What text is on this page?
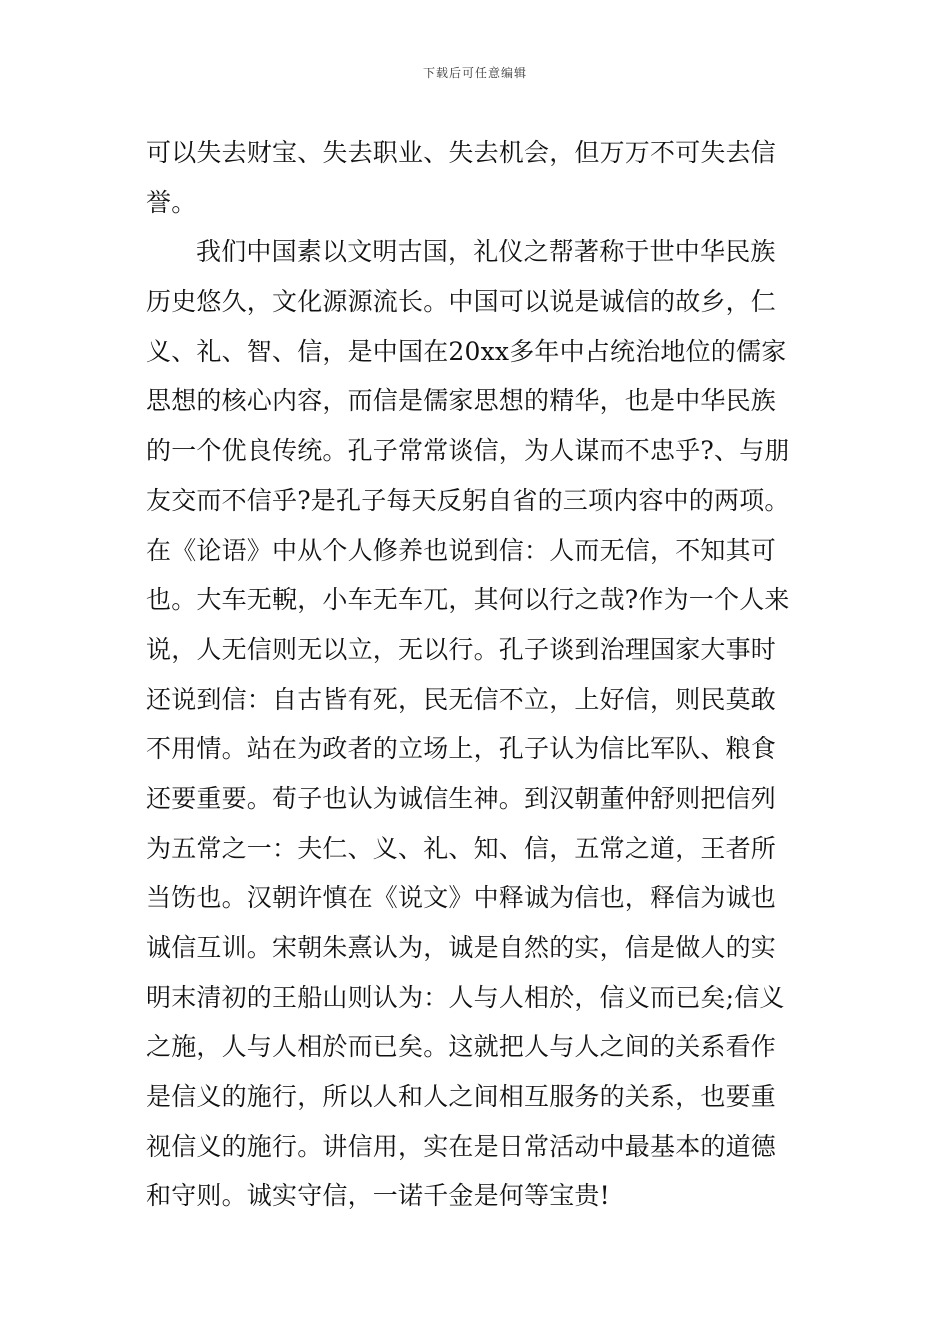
下载后可任意编辑
可以失去财宝、失去职业、失去机会，但万万不可失去信
誉。
我们中国素以文明古国，礼仪之帮著称于世中华民族
历史悠久，文化源源流长。中国可以说是诚信的故乡，仁
义、礼、智、信，是中国在20xx多年中占统治地位的儒家
思想的核心内容，而信是儒家思想的精华，也是中华民族
的一个优良传统。孔子常常谈信，为人谋而不忠乎?、与朋
友交而不信乎?是孔子每天反躬自省的三项内容中的两项。
在《论语》中从个人修养也说到信：人而无信，不知其可
也。大车无輗，小车无车兀，其何以行之哉?作为一个人来
说，人无信则无以立，无以行。孔子谈到治理国家大事时
还说到信：自古皆有死，民无信不立，上好信，则民莫敢
不用情。站在为政者的立场上，孔子认为信比军队、粮食
还要重要。荀子也认为诚信生神。到汉朝董仲舒则把信列
为五常之一：夫仁、义、礼、知、信，五常之道，王者所
当饬也。汉朝许慎在《说文》中释诚为信也，释信为诚也
诚信互训。宋朝朱熹认为，诚是自然的实，信是做人的实
明末清初的王船山则认为：人与人相於，信义而已矣;信义
之施，人与人相於而已矣。这就把人与人之间的关系看作
是信义的施行，所以人和人之间相互服务的关系，也要重
视信义的施行。讲信用，实在是日常活动中最基本的道德
和守则。诚实守信，一诺千金是何等宝贵!
